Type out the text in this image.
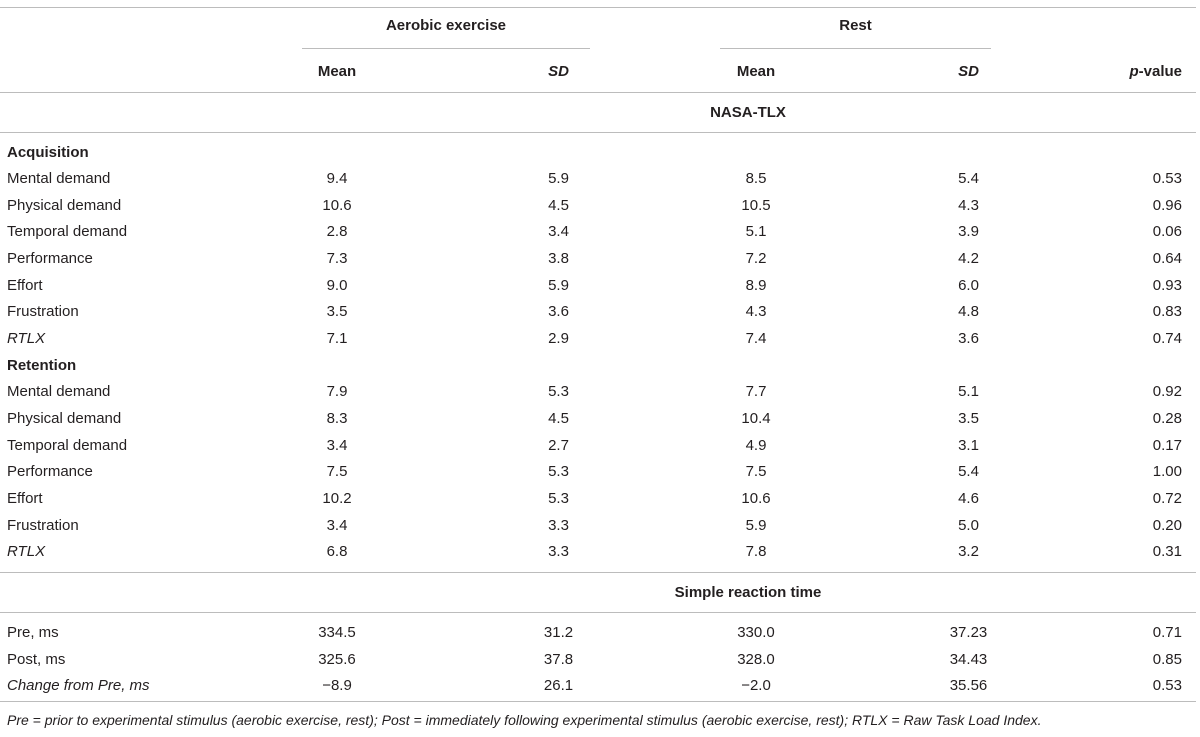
Aerobic exercise	Rest
Mean	SD	Mean	SD	p-value
NASA-TLX
Acquisition
Mental demand	9.4	5.9	8.5	5.4	0.53
Physical demand	10.6	4.5	10.5	4.3	0.96
Temporal demand	2.8	3.4	5.1	3.9	0.06
Performance	7.3	3.8	7.2	4.2	0.64
Effort	9.0	5.9	8.9	6.0	0.93
Frustration	3.5	3.6	4.3	4.8	0.83
RTLX	7.1	2.9	7.4	3.6	0.74
Retention
Mental demand	7.9	5.3	7.7	5.1	0.92
Physical demand	8.3	4.5	10.4	3.5	0.28
Temporal demand	3.4	2.7	4.9	3.1	0.17
Performance	7.5	5.3	7.5	5.4	1.00
Effort	10.2	5.3	10.6	4.6	0.72
Frustration	3.4	3.3	5.9	5.0	0.20
RTLX	6.8	3.3	7.8	3.2	0.31
Simple reaction time
Pre, ms	334.5	31.2	330.0	37.23	0.71
Post, ms	325.6	37.8	328.0	34.43	0.85
Change from Pre, ms	−8.9	26.1	−2.0	35.56	0.53
Pre = prior to experimental stimulus (aerobic exercise, rest); Post = immediately following experimental stimulus (aerobic exercise, rest); RTLX = Raw Task Load Index.
